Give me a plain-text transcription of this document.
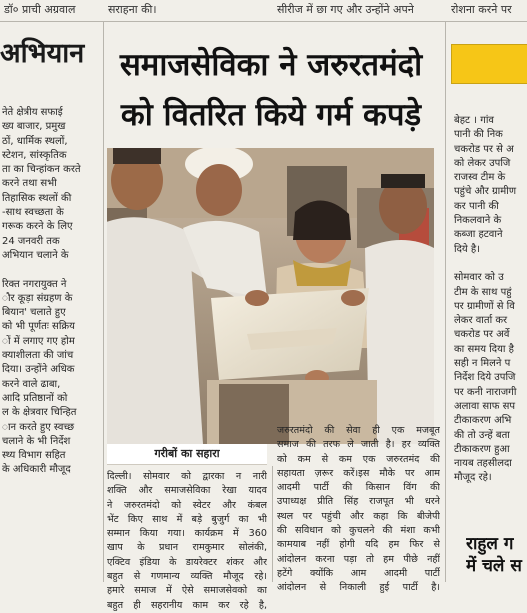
डॉ० प्राची अग्रवाल	सराहना की।	सीरीज में छा गए और उन्होंने अपने	रोशना करने पर
अभियान
नेते क्षेत्रीय सफाई
ख्य बाजार, प्रमुख
ठों, धार्मिक स्थलों,
स्टेशन, सांस्कृतिक
ता का चिन्हांकन करते
करने तथा सभी
तिहासिक स्थलों की
-साथ स्वच्छता के
गरूक करने के लिए
24 जनवरी तक
अभियान चलाने के
रिक्त नगरायुक्त ने
ौर कूड़ा संग्रहण के
बियान' चलाते हुए
को भी पूर्णतः सक्रिय
ों में लगाए गए होम
क्याशीलता की जांच
दिया। उन्होंने अधिक
करने वाले ढाबा,
आदि प्रतिष्ठानों को
ल के क्षेत्रवार चिन्हित
ान करते हुए स्वच्छ
चलाने के भी निर्देश
स्थ्य विभाग सहित
के अधिकारी मौजूद
समाजसेविका ने जरुरतमंदो
को वितरित किये गर्म कपड़े
गरीबों का सहारा
दिल्ली। सोमवार को द्वारका न नारी
शक्ति और समाजसेविका रेखा यादव
ने जरुरतमंदो को स्वेटर और कंबल
भेंट किए साथ में बड़े बुजुर्ग का भी
सम्मान किया गया। कार्यक्रम में 360
खाप के प्रधान रामकुमार सोलंकी,
एक्टिव इंडिया के डायरेक्टर शंकर और
बहुत से गणमान्य व्यक्ति मौजूद रहे।
हमारे समाज में ऐसे समाजसेवको का
बहुत ही सहरानीय काम कर रहे है,
जरुरतमंदो की सेवा ही एक मजबूत
समाज की तरफ ले जाती है। हर व्यक्ति
को कम से कम एक जरुरतमंद की
सहायता ज़रूर करें।इस मौके पर आम
आदमी पार्टी की किसान विंग की
उपाध्यक्ष प्रीति सिंह राजपूत भी धरने
स्थल पर पहुंची और कहा कि बीजेपी
की सविधान को कुचलने की मंशा कभी
कामयाब नहीं होगी यदि हम फिर से
आंदोलन करना पड़ा तो हम पीछे नहीं
हटेंगे क्योंकि आम आदमी पार्टी
आंदोलन से निकाली हुई पार्टी है।
बेहट । गांव
पानी की निक
चकरोड पर से अ
को लेकर उपजि
राजस्व टीम के
पहुंचे और ग्रामीण
कर पानी की
निकलवाने के
कब्जा हटवाने
दिये है।
सोमवार को उ
टीम के साथ पहुं
पर ग्रामीणों से वि
लेकर वार्ता कर
चकरोड पर अर्वे
का समय दिया है
सही न मिलने प
निर्देश दिये उपजि
पर कनी नाराजगी
अलावा साफ सप
टीकाकरण अभि
की तो उन्हें बता
टीकाकरण हुआ
नायब तहसीलदा
मौजूद रहे।
राहुल ग
में चले स
